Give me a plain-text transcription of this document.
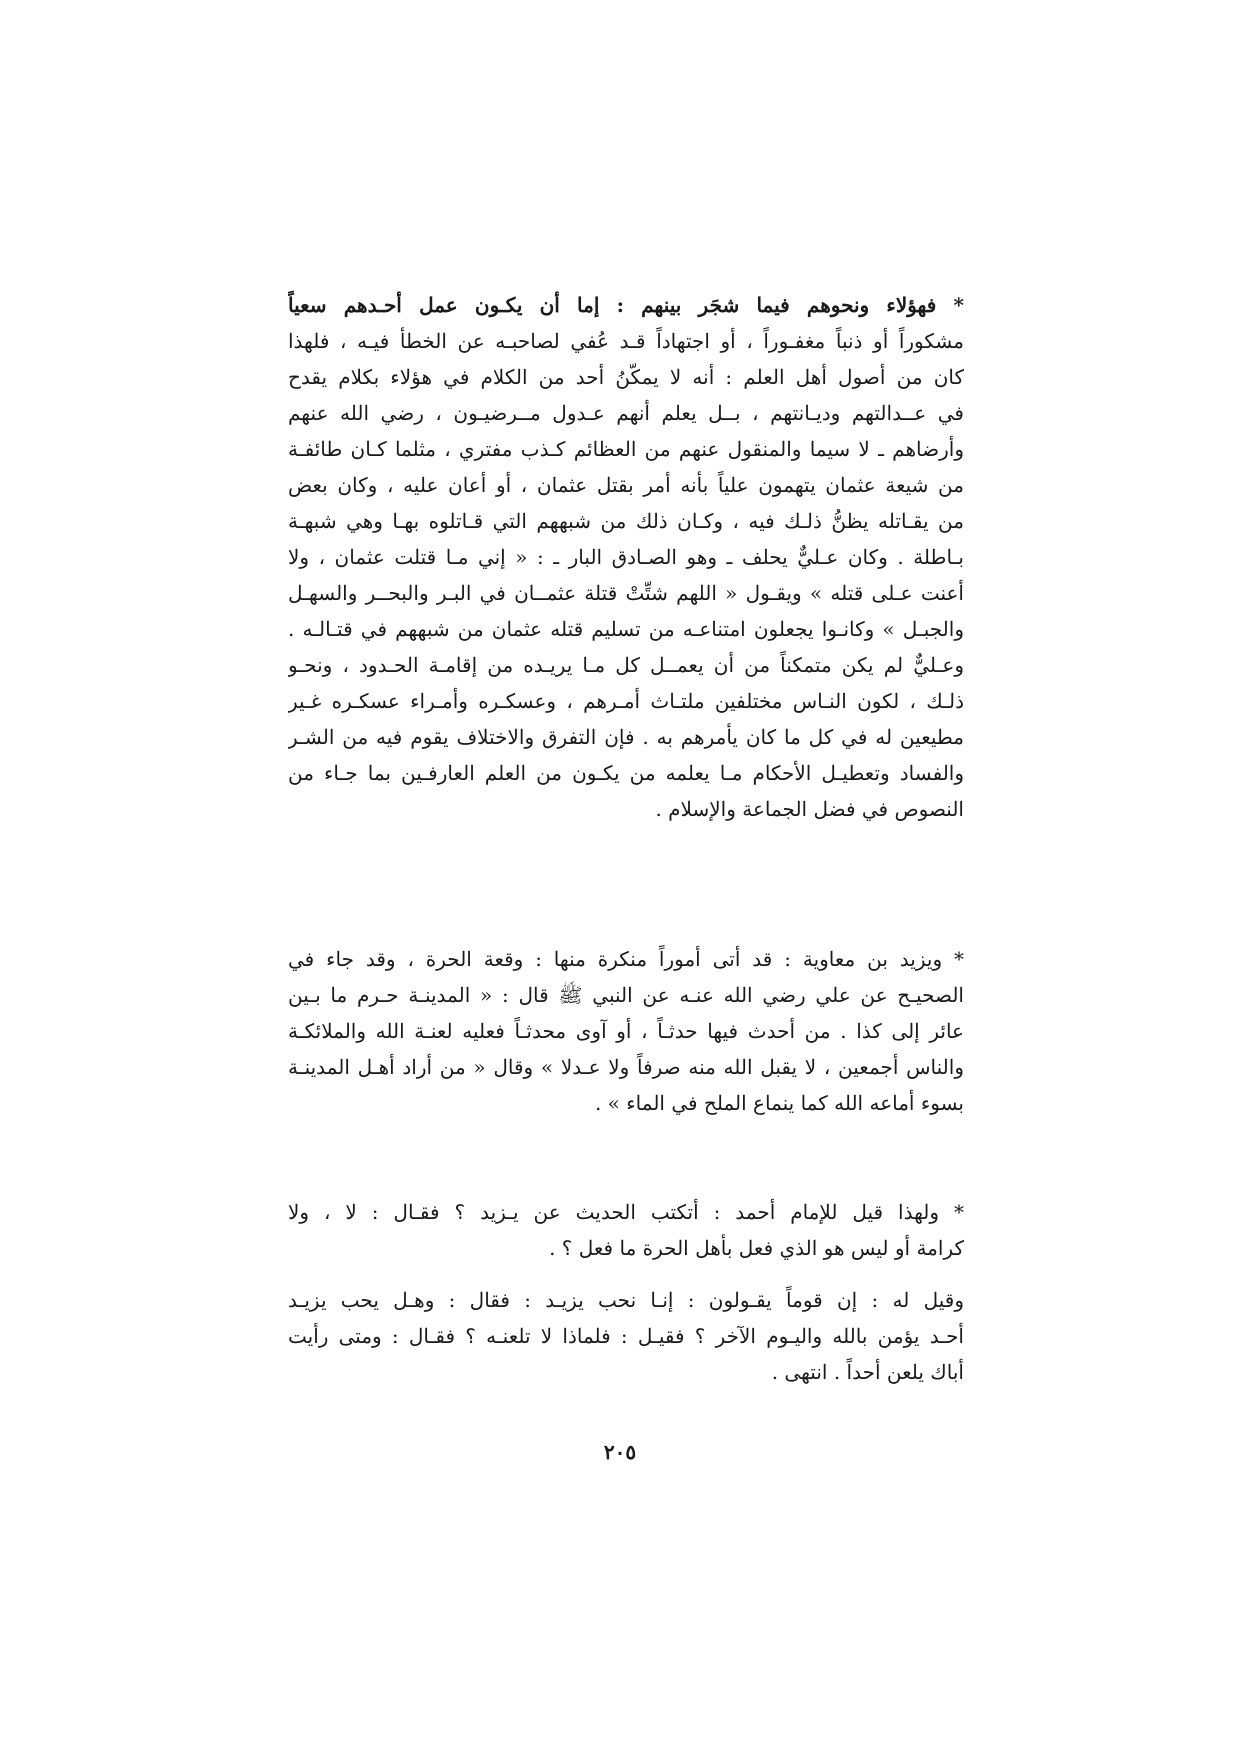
* فهؤلاء ونحوهم فيما شجَر بينهم : إما أن يكـون عمل أحـدهم سعياً
مشكوراً أو ذنباً مغفـوراً ، أو اجتهاداً قـد عُفي لصاحبـه عن الخطأ فيـه ، فلهذا
كان من أصول أهل العلم : أنه لا يمكّنُ أحد من الكلام في هؤلاء بكلام يقدح
في عــدالتهم وديـانتهم ، بــل يعلم أنهم عـدول مــرضيـون ، رضي الله عنهم
وأرضاهم ـ لا سيما والمنقول عنهم من العظائم كـذب مفتري ، مثلما كـان طائفـة
من شيعة عثمان يتهمون علياً بأنه أمر بقتل عثمان ، أو أعان عليه ، وكان بعض
من يقـاتله يظنُّ ذلـك فيه ، وكـان ذلك من شبههم التي قـاتلوه بهـا وهي شبهـة
بـاطلة . وكان عـليٌّ يحلف ـ وهو الصـادق البار ـ : « إني مـا قتلت عثمان ، ولا
أعنت عـلى قتله » ويقـول « اللهم شتِّتْ قتلة عثمــان في البـر والبحــر والسهـل
والجبـل » وكانـوا يجعلون امتناعـه من تسليم قتله عثمان من شبههم في قتـالـه .
وعـليٌّ لم يكن متمكناً من أن يعمــل كل مـا يريـده من إقامـة الحـدود ، ونحـو
ذلـك ، لكون النـاس مختلفين ملتـاث أمـرهم ، وعسكـره وأمـراء عسكـره غـير
مطيعين له في كل ما كان يأمرهم به . فإن التفرق والاختلاف يقوم فيه من الشـر
والفساد وتعطيـل الأحكام مـا يعلمه من يكـون من العلم العارفـين بما جـاء من
النصوص في فضل الجماعة والإسلام .
* ويزيد بن معاوية : قد أتى أموراً منكرة منها : وقعة الحرة ، وقد جاء في
الصحيـح عن علي رضي الله عنـه عن النبي ﷺ قال : « المدينـة حـرم ما بـين
عائر إلى كذا . من أحدث فيها حدثـاً ، أو آوى محدثـاً فعليه لعنـة الله والملائكـة
والناس أجمعين ، لا يقبل الله منه صرفاً ولا عـدلا » وقال « من أراد أهـل المدينـة
بسوء أماعه الله كما ينماع الملح في الماء » .
* ولهذا قيل للإمام أحمد : أتكتب الحديث عن يـزيد ؟ فقـال : لا ، ولا
كرامة أو ليس هو الذي فعل بأهل الحرة ما فعل ؟ .
وقيل له : إن قوماً يقـولون : إنـا نحب يزيـد : فقال : وهـل يحب يزيـد
أحـد يؤمن بالله واليـوم الآخر ؟ فقيـل : فلماذا لا تلعنـه ؟ فقـال : ومتى رأيت
أباك يلعن أحداً . انتهى .
٢٠٥
